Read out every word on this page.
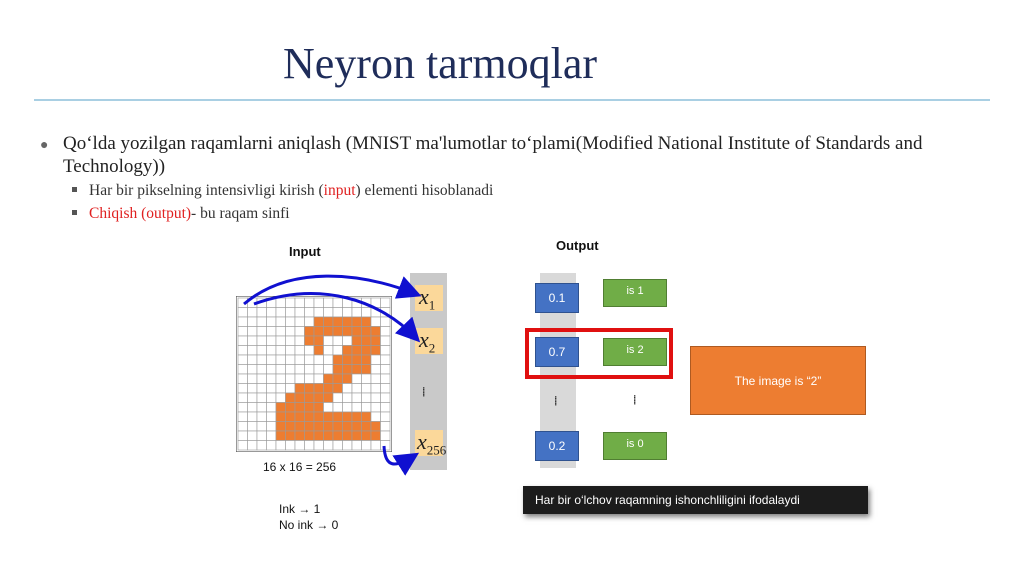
Neyron tarmoqlar
● Qo‘lda yozilgan raqamlarni aniqlash (MNIST ma'lumotlar to‘plami(Modified National Institute of Standards and Technology))
Har bir pikselning intensivligi kirish (input) elementi hisoblanadi
Chiqish (output)- bu raqam sinfi
Input	Output
16 x 16 = 256
Ink → 1
No ink → 0
$x_1$
$x_2$
$x_{256}$
......
0.1
0.7
0.2
......
is 1
is 2
is 0
......
The image is “2”
Har bir o‘lchov raqamning ishonchliligini ifodalaydi
